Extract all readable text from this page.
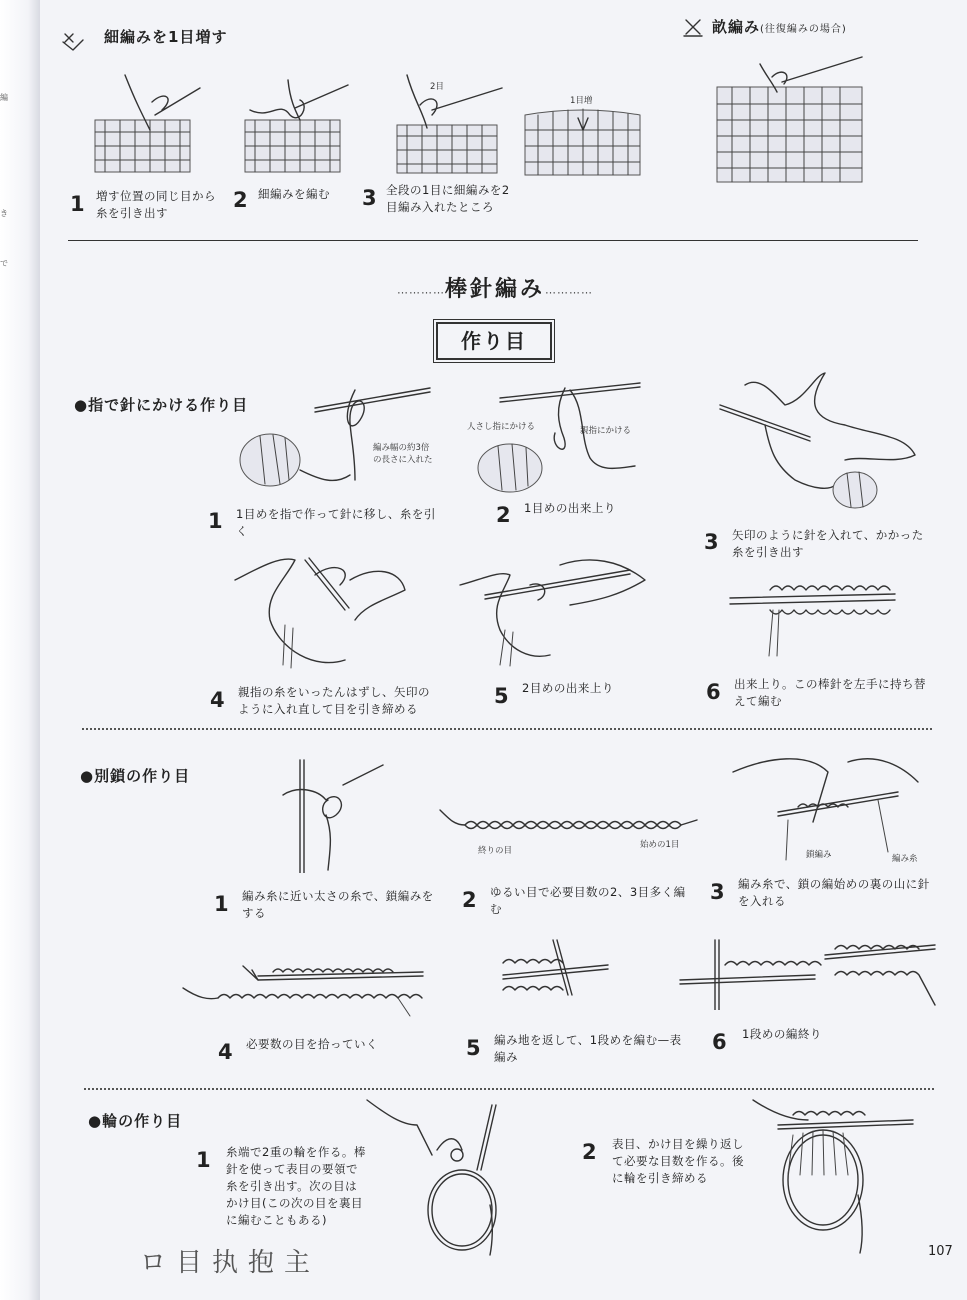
編
き
で
細編みを1目増す
畝編み(往復編みの場合)
2目
1目増
1 増す位置の同じ目から糸を引き出す
2 細編みを編む	3 全段の1目に細編みを2目編み入れたところ
…………棒針編み…………
作り目
●指で針にかける作り目
編み幅の約3倍の長さに入れた
人さし指にかける	親指にかける
1 1目めを指で作って針に移し、糸を引く
2 1目めの出来上り
3 矢印のように針を入れて、かかった糸を引き出す
4 親指の糸をいったんはずし、矢印のように入れ直して目を引き締める
5 2目めの出来上り	6 出来上り。この棒針を左手に持ち替えて編む
●別鎖の作り目
終りの目
始めの1目
鎖編み	編み糸
1 編み糸に近い太さの糸で、鎖編みをする
2 ゆるい目で必要目数の2、3目多く編む
3 編み糸で、鎖の編始めの裏の山に針を入れる
4 必要数の目を拾っていく	5 編み地を返して、1段めを編む—表編み
6 1段めの編終り
●輪の作り目
1 糸端で2重の輪を作る。棒針を使って表目の要領で糸を引き出す。次の目はかけ目(この次の目を裏目に編むこともある)
2 表目、かけ目を繰り返して必要な目数を作る。後に輪を引き締める
ロ目执抱主	107
